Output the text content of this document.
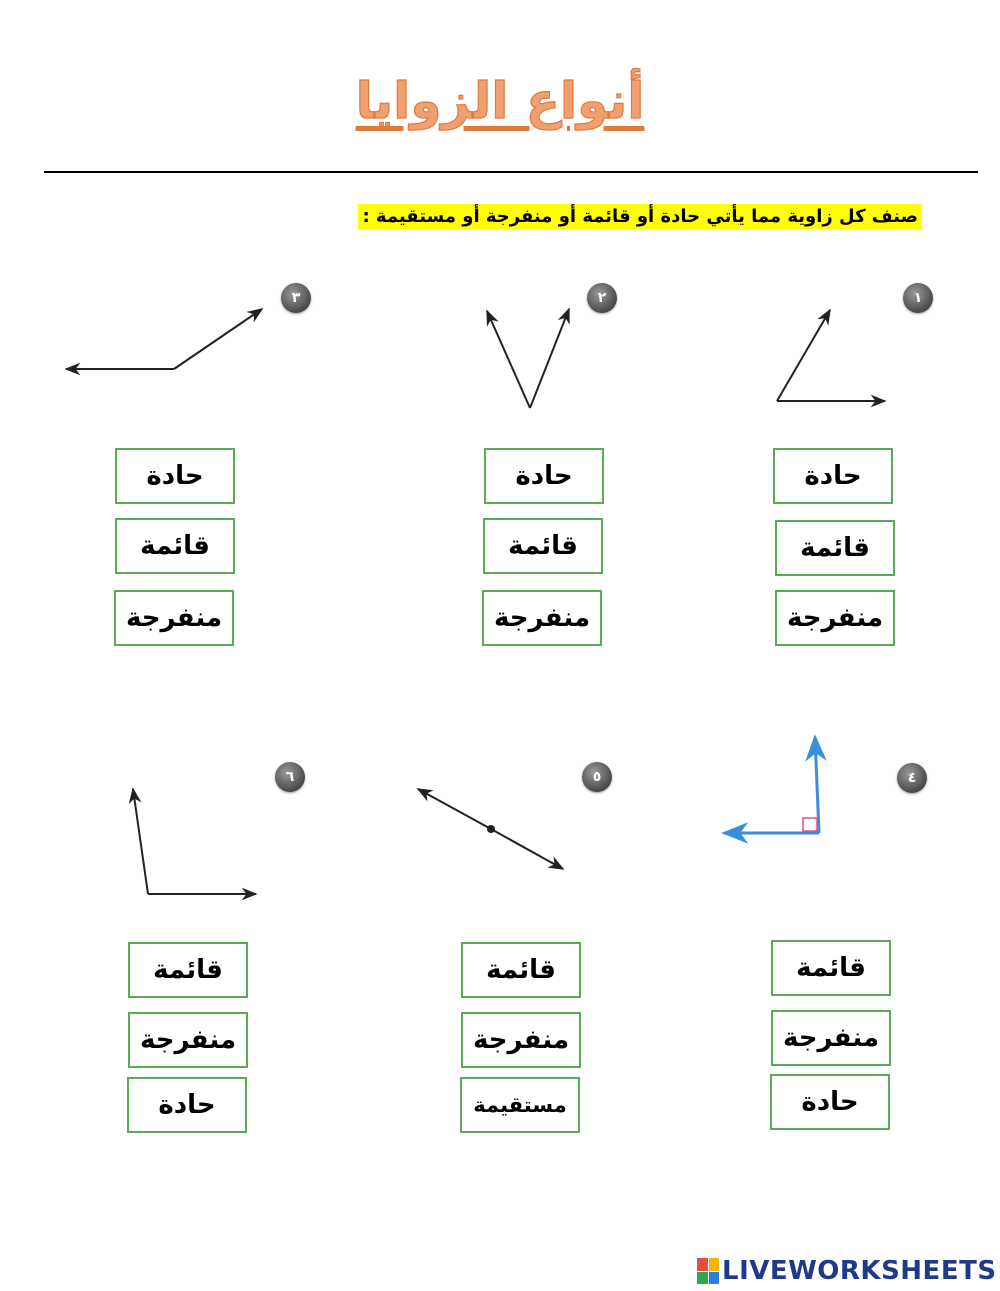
أنواع الزوايا
صنف كل زاوية مما يأتي حادة أو قائمة أو منفرجة أو مستقيمة :
١
٢
٣
٤
٥
٦
حادة
قائمة
منفرجة
حادة
قائمة
منفرجة
حادة
قائمة
منفرجة
قائمة
منفرجة
حادة
قائمة
منفرجة
مستقيمة
قائمة
منفرجة
حادة
LIVEWORKSHEETS
